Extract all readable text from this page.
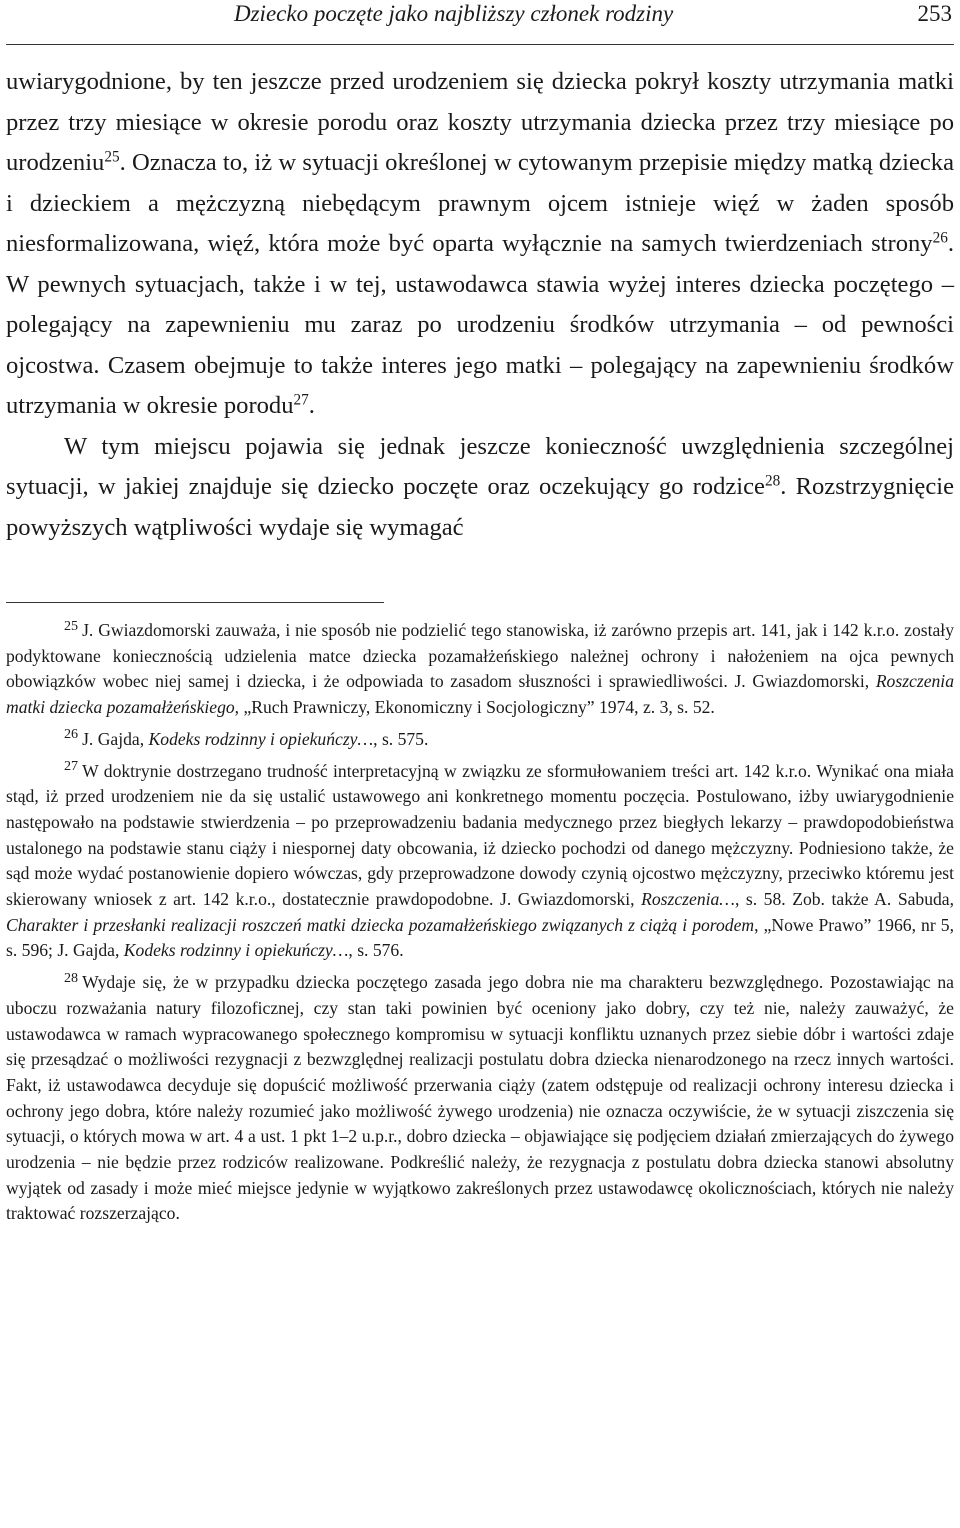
Dziecko poczęte jako najbliższy członek rodziny	253

uwiarygodnione, by ten jeszcze przed urodzeniem się dziecka pokrył koszty utrzymania matki przez trzy miesiące w okresie porodu oraz koszty utrzymania dziecka przez trzy miesiące po urodzeniu$^{25}$. Oznacza to, iż w sytuacji określonej w cytowanym przepisie między matką dziecka i dzieckiem a mężczyzną niebędącym prawnym ojcem istnieje więź w żaden sposób niesformalizowana, więź, która może być oparta wyłącznie na samych twierdzeniach strony$^{26}$. W pewnych sytuacjach, także i w tej, ustawodawca stawia wyżej interes dziecka poczętego – polegający na zapewnieniu mu zaraz po urodzeniu środków utrzymania – od pewności ojcostwa. Czasem obejmuje to także interes jego matki – polegający na zapewnieniu środków utrzymania w okresie porodu$^{27}$.

W tym miejscu pojawia się jednak jeszcze konieczność uwzględnienia szczególnej sytuacji, w jakiej znajduje się dziecko poczęte oraz oczekujący go rodzice$^{28}$. Rozstrzygnięcie powyższych wątpliwości wydaje się wymagać

$^{25}$ J. Gwiazdomorski zauważa, i nie sposób nie podzielić tego stanowiska, iż zarówno przepis art. 141, jak i 142 k.r.o. zostały podyktowane koniecznością udzielenia matce dziecka pozamałżeńskiego należnej ochrony i nałożeniem na ojca pewnych obowiązków wobec niej samej i dziecka, i że odpowiada to zasadom słuszności i sprawiedliwości. J. Gwiazdomorski, Roszczenia matki dziecka pozamałżeńskiego, „Ruch Prawniczy, Ekonomiczny i Socjologiczny” 1974, z. 3, s. 52.

$^{26}$ J. Gajda, Kodeks rodzinny i opiekuńczy…, s. 575.

$^{27}$ W doktrynie dostrzegano trudność interpretacyjną w związku ze sformułowaniem treści art. 142 k.r.o. Wynikać ona miała stąd, iż przed urodzeniem nie da się ustalić ustawowego ani konkretnego momentu poczęcia. Postulowano, iżby uwiarygodnienie następowało na podstawie stwierdzenia – po przeprowadzeniu badania medycznego przez biegłych lekarzy – prawdopodobieństwa ustalonego na podstawie stanu ciąży i niespornej daty obcowania, iż dziecko pochodzi od danego mężczyzny. Podniesiono także, że sąd może wydać postanowienie dopiero wówczas, gdy przeprowadzone dowody czynią ojcostwo mężczyzny, przeciwko któremu jest skierowany wniosek z art. 142 k.r.o., dostatecznie prawdopodobne. J. Gwiazdomorski, Roszczenia…, s. 58. Zob. także A. Sabuda, Charakter i przesłanki realizacji roszczeń matki dziecka pozamałżeńskiego związanych z ciążą i porodem, „Nowe Prawo” 1966, nr 5, s. 596; J. Gajda, Kodeks rodzinny i opiekuńczy…, s. 576.

$^{28}$ Wydaje się, że w przypadku dziecka poczętego zasada jego dobra nie ma charakteru bezwzględnego. Pozostawiając na uboczu rozważania natury filozoficznej, czy stan taki powinien być oceniony jako dobry, czy też nie, należy zauważyć, że ustawodawca w ramach wypracowanego społecznego kompromisu w sytuacji konfliktu uznanych przez siebie dóbr i wartości zdaje się przesądzać o możliwości rezygnacji z bezwzględnej realizacji postulatu dobra dziecka nienarodzonego na rzecz innych wartości. Fakt, iż ustawodawca decyduje się dopuścić możliwość przerwania ciąży (zatem odstępuje od realizacji ochrony interesu dziecka i ochrony jego dobra, które należy rozumieć jako możliwość żywego urodzenia) nie oznacza oczywiście, że w sytuacji ziszczenia się sytuacji, o których mowa w art. 4 a ust. 1 pkt 1–2 u.p.r., dobro dziecka – objawiające się podjęciem działań zmierzających do żywego urodzenia – nie będzie przez rodziców realizowane. Podkreślić należy, że rezygnacja z postulatu dobra dziecka stanowi absolutny wyjątek od zasady i może mieć miejsce jedynie w wyjątkowo zakreślonych przez ustawodawcę okolicznościach, których nie należy traktować rozszerzająco.
